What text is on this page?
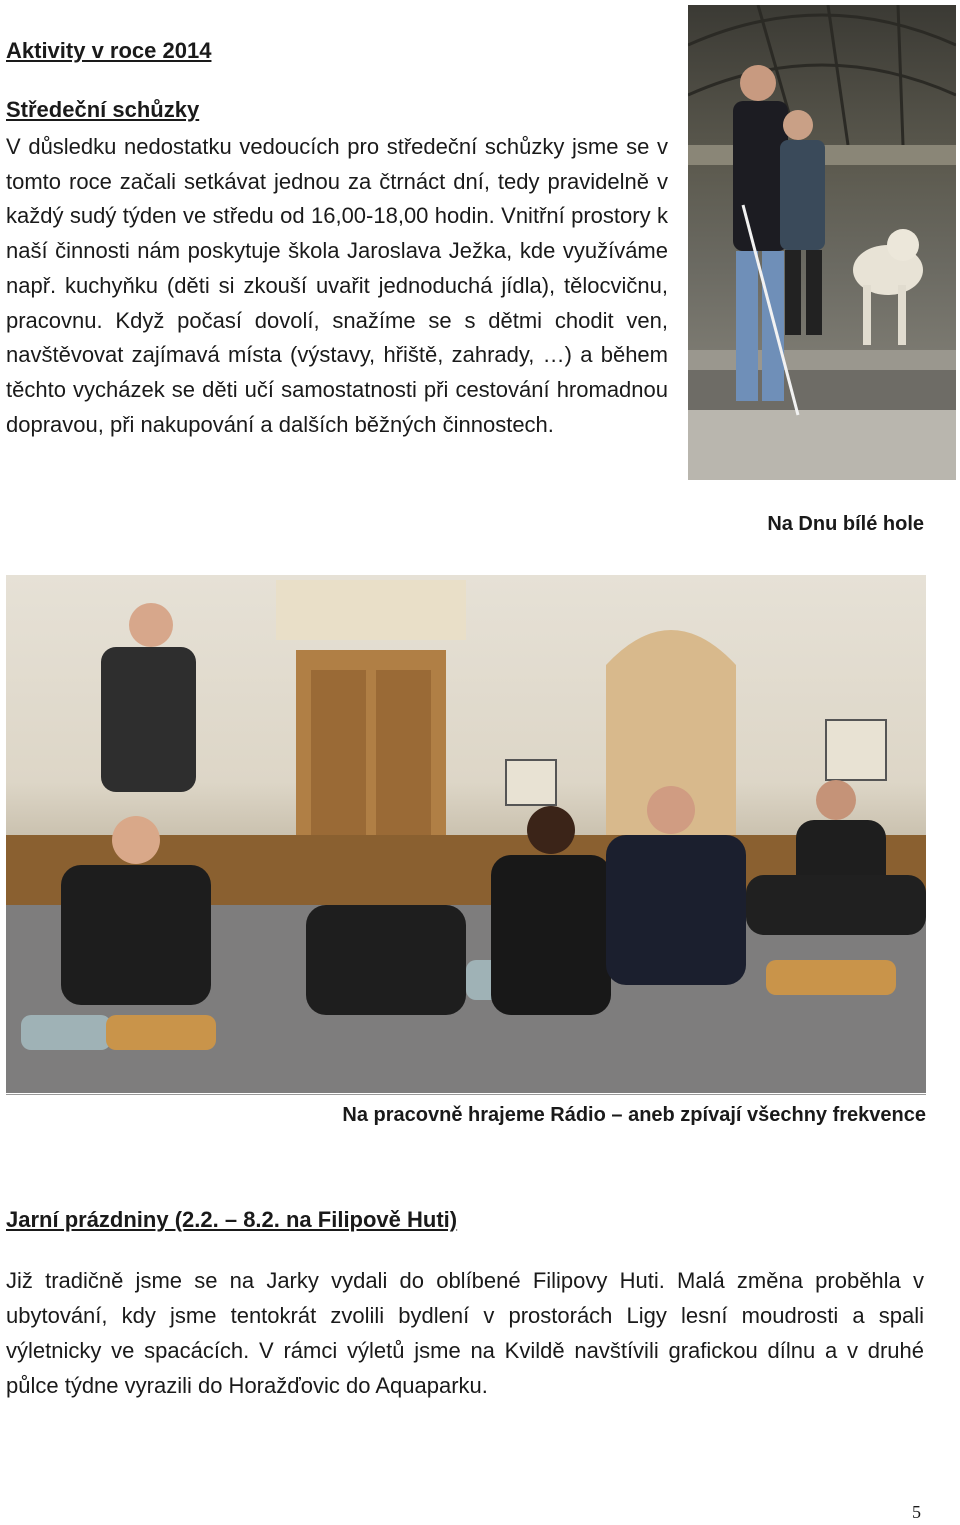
Aktivity v roce 2014
Středeční schůzky
V důsledku nedostatku vedoucích pro středeční schůzky jsme se v tomto roce začali setkávat jednou za čtrnáct dní, tedy pravidelně v každý sudý týden ve středu od 16,00-18,00 hodin. Vnitřní prostory k naší činnosti nám poskytuje škola Jaroslava Ježka, kde využíváme např. kuchyňku (děti si zkouší uvařit jednoduchá jídla), tělocvičnu, pracovnu. Když počasí dovolí, snažíme se s dětmi chodit ven, navštěvovat zajímavá místa (výstavy, hřiště, zahrady, …) a během těchto vycházek se děti učí samostatnosti při cestování hromadnou dopravou, při nakupování a dalších běžných činnostech.
Na Dnu bílé hole
Na pracovně hrajeme Rádio – aneb zpívají všechny frekvence
Jarní prázdniny (2.2. – 8.2. na Filipově Huti)
Již tradičně jsme se na Jarky vydali do oblíbené Filipovy Huti. Malá změna proběhla v ubytování, kdy jsme tentokrát zvolili bydlení v prostorách Ligy lesní moudrosti a spali výletnicky ve spacácích. V rámci výletů jsme na Kvildě navštívili grafickou dílnu a v druhé půlce týdne vyrazili do Horažďovic do Aquaparku.
5
